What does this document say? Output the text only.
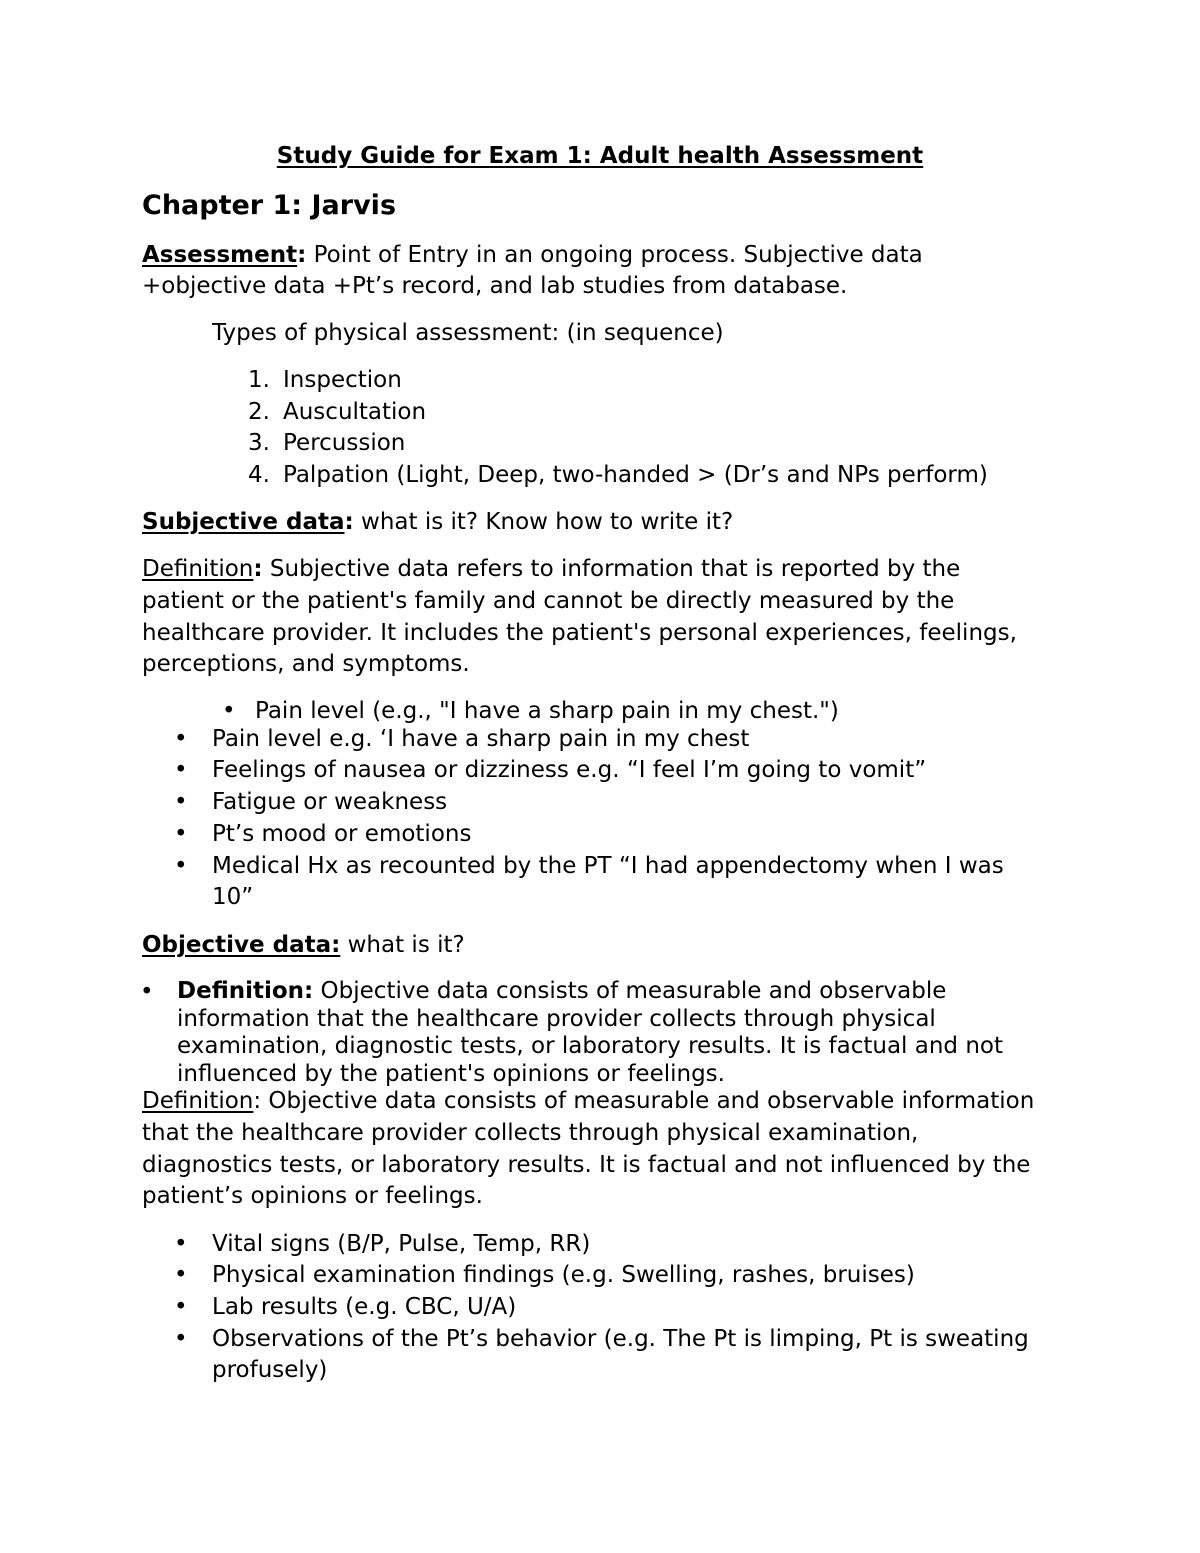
Study Guide for Exam 1: Adult health Assessment

Chapter 1: Jarvis

Assessment: Point of Entry in an ongoing process. Subjective data

+objective data +Pt’s record, and lab studies from database.

Types of physical assessment: (in sequence)

1. Inspection

2. Auscultation

3. Percussion

4. Palpation (Light, Deep, two-handed > (Dr’s and NPs perform)

Subjective data: what is it? Know how to write it?

Definition: Subjective data refers to information that is reported by the

patient or the patient's family and cannot be directly measured by the

healthcare provider. It includes the patient's personal experiences, feelings,

perceptions, and symptoms.

• Pain level (e.g., "I have a sharp pain in my chest.")

• Pain level e.g. ‘I have a sharp pain in my chest

• Feelings of nausea or dizziness e.g. “I feel I’m going to vomit”

• Fatigue or weakness

• Pt’s mood or emotions

• Medical Hx as recounted by the PT “I had appendectomy when I was

10”

Objective data: what is it?

• Definition: Objective data consists of measurable and observable

information that the healthcare provider collects through physical

examination, diagnostic tests, or laboratory results. It is factual and not

influenced by the patient's opinions or feelings.

Definition: Objective data consists of measurable and observable information

that the healthcare provider collects through physical examination,

diagnostics tests, or laboratory results. It is factual and not influenced by the

patient’s opinions or feelings.

• Vital signs (B/P, Pulse, Temp, RR)

• Physical examination findings (e.g. Swelling, rashes, bruises)

• Lab results (e.g. CBC, U/A)

• Observations of the Pt’s behavior (e.g. The Pt is limping, Pt is sweating

profusely)
